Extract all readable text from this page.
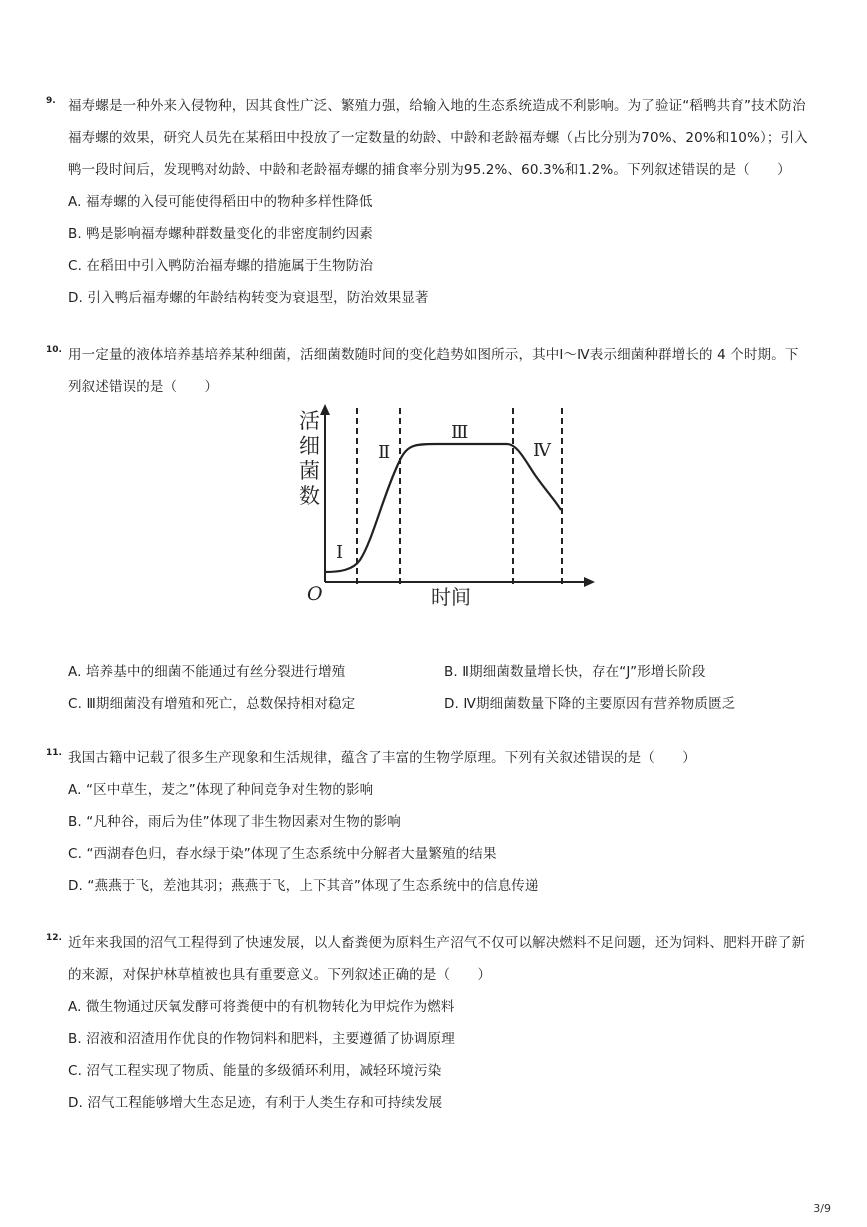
9. 福寿螺是一种外来入侵物种，因其食性广泛、繁殖力强，给输入地的生态系统造成不利影响。为了验证“稻鸭共育”技术防治
福寿螺的效果，研究人员先在某稻田中投放了一定数量的幼龄、中龄和老龄福寿螺（占比分别为70%、20%和10%）；引入
鸭一段时间后，发现鸭对幼龄、中龄和老龄福寿螺的捕食率分别为95.2%、60.3%和1.2%。下列叙述错误的是（　　）
A. 福寿螺的入侵可能使得稻田中的物种多样性降低
B. 鸭是影响福寿螺种群数量变化的非密度制约因素
C. 在稻田中引入鸭防治福寿螺的措施属于生物防治
D. 引入鸭后福寿螺的年龄结构转变为衰退型，防治效果显著
10. 用一定量的液体培养基培养某种细菌，活细菌数随时间的变化趋势如图所示，其中Ⅰ～Ⅳ表示细菌种群增长的 4 个时期。下
列叙述错误的是（　　）
活
细
菌
数
O	时间
Ⅰ
Ⅱ
Ⅲ
Ⅳ
A. 培养基中的细菌不能通过有丝分裂进行增殖	B. Ⅱ期细菌数量增长快，存在“J”形增长阶段
C. Ⅲ期细菌没有增殖和死亡，总数保持相对稳定	D. Ⅳ期细菌数量下降的主要原因有营养物质匮乏
11. 我国古籍中记载了很多生产现象和生活规律，蕴含了丰富的生物学原理。下列有关叙述错误的是（　　）
A. “区中草生，茇之”体现了种间竞争对生物的影响
B. “凡种谷，雨后为佳”体现了非生物因素对生物的影响
C. “西湖春色归，春水绿于染”体现了生态系统中分解者大量繁殖的结果
D. “燕燕于飞，差池其羽；燕燕于飞，上下其音”体现了生态系统中的信息传递
12. 近年来我国的沼气工程得到了快速发展，以人畜粪便为原料生产沼气不仅可以解决燃料不足问题，还为饲料、肥料开辟了新
的来源，对保护林草植被也具有重要意义。下列叙述正确的是（　　）
A. 微生物通过厌氧发酵可将粪便中的有机物转化为甲烷作为燃料
B. 沼液和沼渣用作优良的作物饲料和肥料，主要遵循了协调原理
C. 沼气工程实现了物质、能量的多级循环利用，减轻环境污染
D. 沼气工程能够增大生态足迹，有利于人类生存和可持续发展
3/9
